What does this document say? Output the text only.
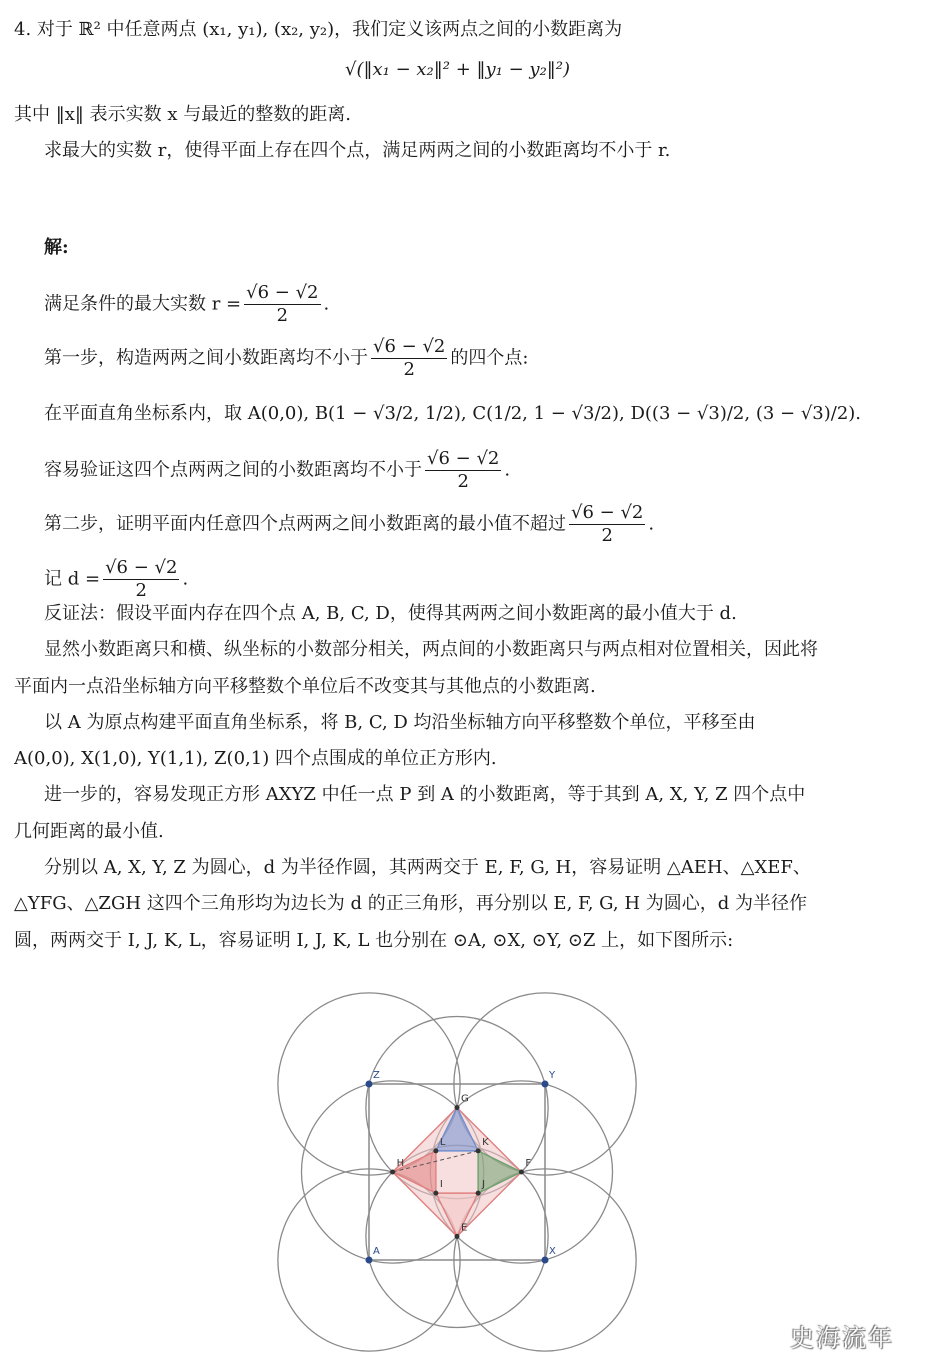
4. 对于 ℝ² 中任意两点 (x₁, y₁), (x₂, y₂)，我们定义该两点之间的小数距离为
√(‖x₁ − x₂‖² + ‖y₁ − y₂‖²)
其中 ‖x‖ 表示实数 x 与最近的整数的距离.
求最大的实数 r，使得平面上存在四个点，满足两两之间的小数距离均不小于 r.
解:
满足条件的最大实数 $r = \frac{√6 - √2}{2}$ .
第一步，构造两两之间小数距离均不小于 $\frac{√6 - √2}{2}$ 的四个点:
在平面直角坐标系内，取 A(0,0), B(1 − √3/2, 1/2), C(1/2, 1 − √3/2), D((3 − √3)/2, (3 − √3)/2).
容易验证这四个点两两之间的小数距离均不小于 $\frac{√6 - √2}{2}$ .
第二步，证明平面内任意四个点两两之间小数距离的最小值不超过 $\frac{√6 - √2}{2}$ .
记 $d = \frac{√6 - √2}{2}$ .
反证法：假设平面内存在四个点 A, B, C, D，使得其两两之间小数距离的最小值大于 d.
显然小数距离只和横、纵坐标的小数部分相关，两点间的小数距离只与两点相对位置相关，因此将
平面内一点沿坐标轴方向平移整数个单位后不改变其与其他点的小数距离.
以 A 为原点构建平面直角坐标系，将 B, C, D 均沿坐标轴方向平移整数个单位，平移至由
A(0,0), X(1,0), Y(1,1), Z(0,1) 四个点围成的单位正方形内.
进一步的，容易发现正方形 AXYZ 中任一点 P 到 A 的小数距离，等于其到 A, X, Y, Z 四个点中
几何距离的最小值.
分别以 A, X, Y, Z 为圆心，d 为半径作圆，其两两交于 E, F, G, H，容易证明 △AEH、△XEF、
△YFG、△ZGH 这四个三角形均为边长为 d 的正三角形，再分别以 E, F, G, H 为圆心，d 为半径作
圆，两两交于 I, J, K, L，容易证明 I, J, K, L 也分别在 ⊙A, ⊙X, ⊙Y, ⊙Z 上，如下图所示:
A	X
Y
Z
E
F
G
H
I	J
K
L
史海流年
